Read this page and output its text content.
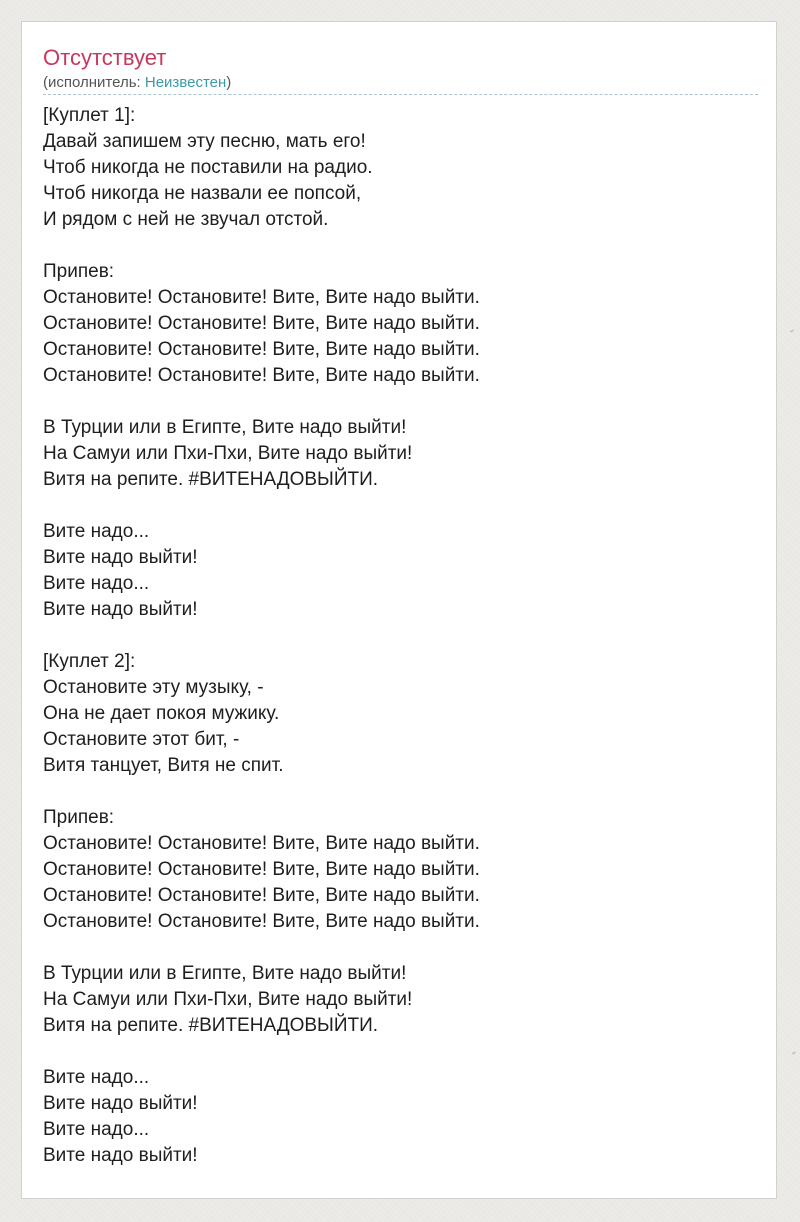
Отсутствует
(исполнитель: Неизвестен)
[Куплет 1]:
Давай запишем эту песню, мать его!
Чтоб никогда не поставили на радио.
Чтоб никогда не назвали ее попсой,
И рядом с ней не звучал отстой.
Припев:
Остановите! Остановите! Вите, Вите надо выйти.
Остановите! Остановите! Вите, Вите надо выйти.
Остановите! Остановите! Вите, Вите надо выйти.
Остановите! Остановите! Вите, Вите надо выйти.
В Турции или в Египте, Вите надо выйти!
На Самуи или Пхи-Пхи, Вите надо выйти!
Витя на репите. #ВИТЕНАДОВЫЙТИ.
Вите надо...
Вите надо выйти!
Вите надо...
Вите надо выйти!
[Куплет 2]:
Остановите эту музыку, -
Она не дает покоя мужику.
Остановите этот бит, -
Витя танцует, Витя не спит.
Припев:
Остановите! Остановите! Вите, Вите надо выйти.
Остановите! Остановите! Вите, Вите надо выйти.
Остановите! Остановите! Вите, Вите надо выйти.
Остановите! Остановите! Вите, Вите надо выйти.
В Турции или в Египте, Вите надо выйти!
На Самуи или Пхи-Пхи, Вите надо выйти!
Витя на репите. #ВИТЕНАДОВЫЙТИ.
Вите надо...
Вите надо выйти!
Вите надо...
Вите надо выйти!
